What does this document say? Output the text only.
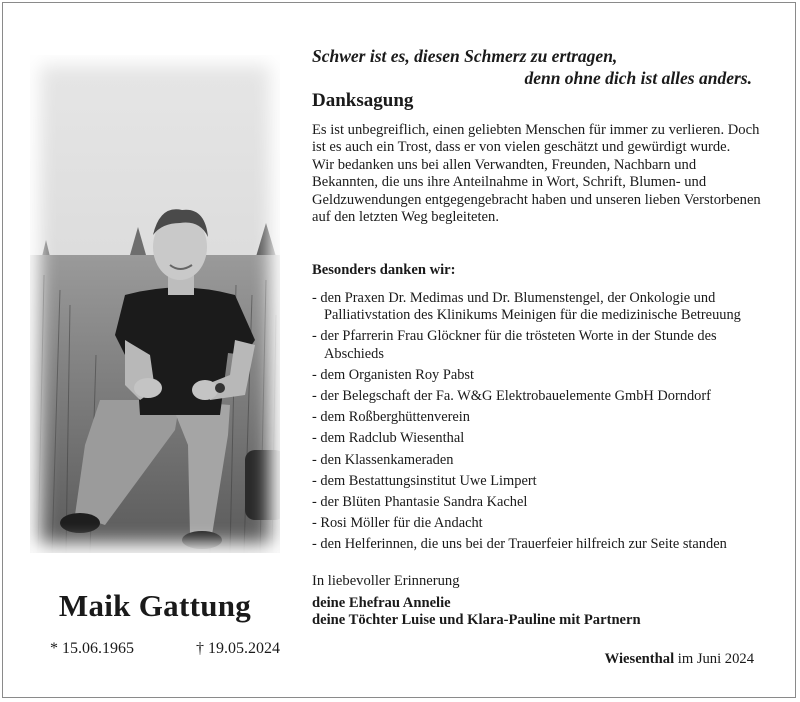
Maik Gattung
* 15.06.1965	† 19.05.2024
Schwer ist es, diesen Schmerz zu ertragen,
denn ohne dich ist alles anders.
Danksagung

Es ist unbegreiflich, einen geliebten Menschen für immer zu verlieren. Doch ist es auch ein Trost, dass er von vielen geschätzt und gewürdigt wurde.

Wir bedanken uns bei allen Verwandten, Freunden, Nachbarn und Bekannten, die uns ihre Anteilnahme in Wort, Schrift, Blumen- und Geldzuwendungen entgegengebracht haben und unseren lieben Verstorbenen auf den letzten Weg begleiteten.

Besonders danken wir:
- den Praxen Dr. Medimas und Dr. Blumenstengel, der Onkologie und Palliativstation des Klinikums Meinigen für die medizinische Betreuung
- der Pfarrerin Frau Glöckner für die trösteten Worte in der Stunde des Abschieds
- dem Organisten Roy Pabst
- der Belegschaft der Fa. W&G Elektrobauelemente GmbH Dorndorf
- dem Roßberghüttenverein
- dem Radclub Wiesenthal
- den Klassenkameraden
- dem Bestattungsinstitut Uwe Limpert
- der Blüten Phantasie Sandra Kachel
- Rosi Möller für die Andacht
- den Helferinnen, die uns bei der Trauerfeier hilfreich zur Seite standen
In liebevoller Erinnerung
deine Ehefrau Annelie
deine Töchter Luise und Klara-Pauline mit Partnern
Wiesenthal im Juni 2024
